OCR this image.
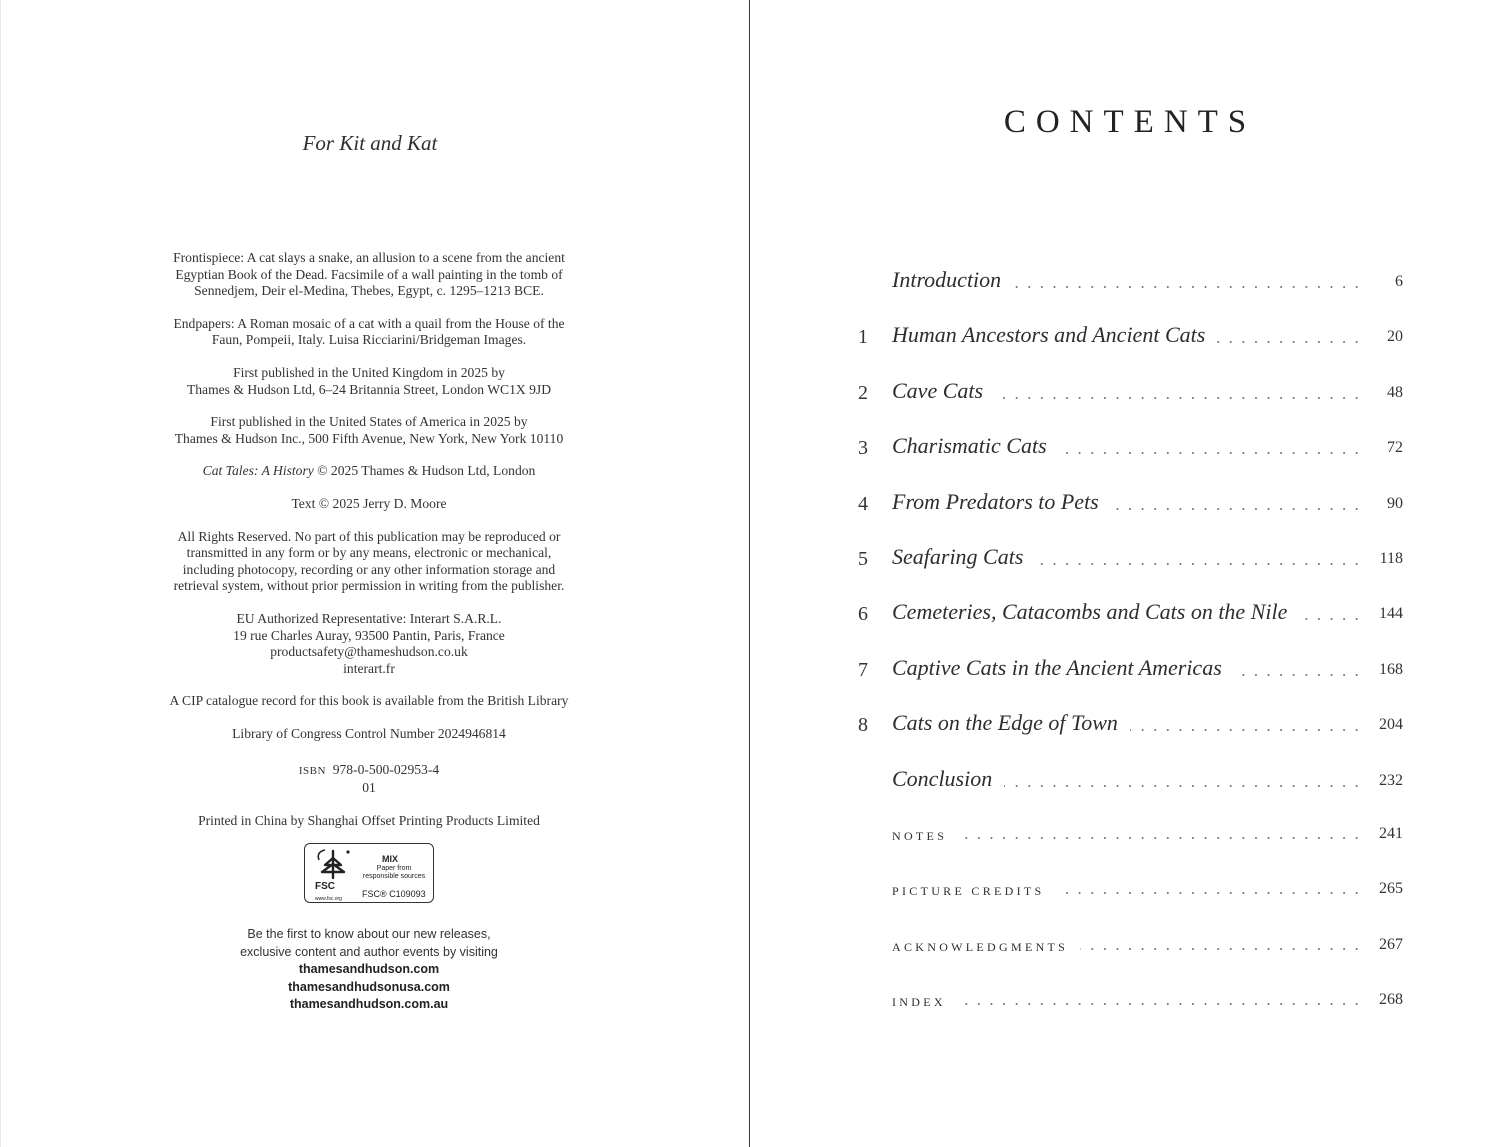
For Kit and Kat
Frontispiece: A cat slays a snake, an allusion to a scene from the ancient
Egyptian Book of the Dead. Facsimile of a wall painting in the tomb of
Sennedjem, Deir el-Medina, Thebes, Egypt, c. 1295–1213 BCE.
Endpapers: A Roman mosaic of a cat with a quail from the House of the
Faun, Pompeii, Italy. Luisa Ricciarini/Bridgeman Images.
First published in the United Kingdom in 2025 by
Thames & Hudson Ltd, 6–24 Britannia Street, London WC1X 9JD
First published in the United States of America in 2025 by
Thames & Hudson Inc., 500 Fifth Avenue, New York, New York 10110
Cat Tales: A History © 2025 Thames & Hudson Ltd, London
Text © 2025 Jerry D. Moore
All Rights Reserved. No part of this publication may be reproduced or
transmitted in any form or by any means, electronic or mechanical,
including photocopy, recording or any other information storage and
retrieval system, without prior permission in writing from the publisher.
EU Authorized Representative: Interart S.A.R.L.
19 rue Charles Auray, 93500 Pantin, Paris, France
productsafety@thameshudson.co.uk
interart.fr
A CIP catalogue record for this book is available from the British Library
Library of Congress Control Number 2024946814
ISBN 978-0-500-02953-4
01
Printed in China by Shanghai Offset Printing Products Limited
FSC
www.fsc.org
MIX
Paper from
responsible sources
FSC® C109093
Be the first to know about our new releases,
exclusive content and author events by visiting
thamesandhudson.com
thamesandhudsonusa.com
thamesandhudson.com.au
CONTENTS
Introduction	6
1	Human Ancestors and Ancient Cats	20
2	Cave Cats	48
3	Charismatic Cats	72
4	From Predators to Pets	90
5	Seafaring Cats	118
6	Cemeteries, Catacombs and Cats on the Nile	144
7	Captive Cats in the Ancient Americas	168
8	Cats on the Edge of Town	204
Conclusion	232
NOTES	241
PICTURE CREDITS	265
ACKNOWLEDGMENTS	267
INDEX	268
